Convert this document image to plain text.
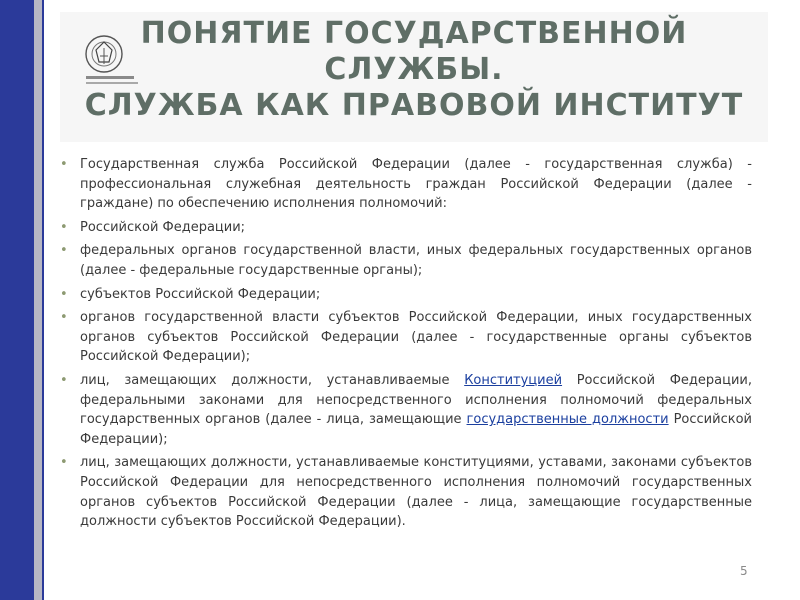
ПОНЯТИЕ ГОСУДАРСТВЕННОЙ
СЛУЖБЫ.
СЛУЖБА КАК ПРАВОВОЙ ИНСТИТУТ
• Государственная служба Российской Федерации (далее - государственная служба) - профессиональная служебная деятельность граждан Российской Федерации (далее - граждане) по обеспечению исполнения полномочий:
• Российской Федерации;
• федеральных органов государственной власти, иных федеральных государственных органов (далее - федеральные государственные органы);
• субъектов Российской Федерации;
• органов государственной власти субъектов Российской Федерации, иных государственных органов субъектов Российской Федерации (далее - государственные органы субъектов Российской Федерации);
• лиц, замещающих должности, устанавливаемые Конституцией Российской Федерации, федеральными законами для непосредственного исполнения полномочий федеральных государственных органов (далее - лица, замещающие государственные должности Российской Федерации);
• лиц, замещающих должности, устанавливаемые конституциями, уставами, законами субъектов Российской Федерации для непосредственного исполнения полномочий государственных органов субъектов Российской Федерации (далее - лица, замещающие государственные должности субъектов Российской Федерации).
5
